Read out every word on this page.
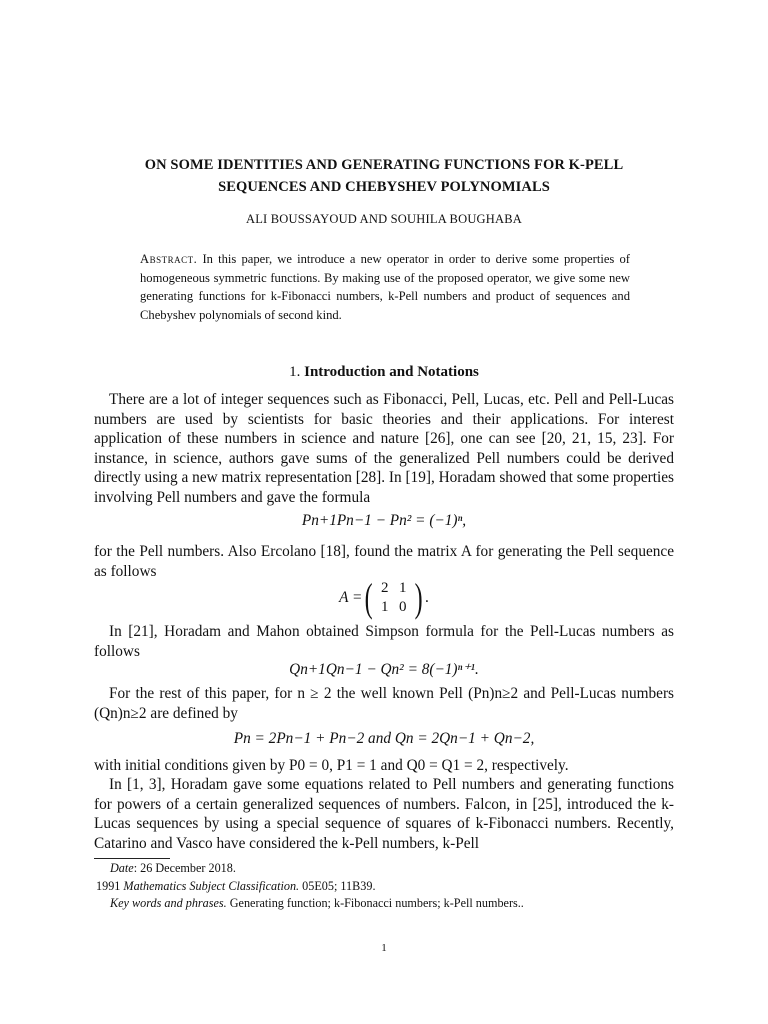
ON SOME IDENTITIES AND GENERATING FUNCTIONS FOR K-PELL
SEQUENCES AND CHEBYSHEV POLYNOMIALS
ALI BOUSSAYOUD AND SOUHILA BOUGHABA
Abstract. In this paper, we introduce a new operator in order to derive some properties of homogeneous symmetric functions. By making use of the proposed operator, we give some new generating functions for k-Fibonacci numbers, k-Pell numbers and product of sequences and Chebyshev polynomials of second kind.
1. Introduction and Notations
There are a lot of integer sequences such as Fibonacci, Pell, Lucas, etc. Pell and Pell-Lucas numbers are used by scientists for basic theories and their applications. For interest application of these numbers in science and nature [26], one can see [20, 21, 15, 23]. For instance, in science, authors gave sums of the generalized Pell numbers could be derived directly using a new matrix representation [28]. In [19], Horadam showed that some properties involving Pell numbers and gave the formula
Pn+1Pn−1 − Pn² = (−1)ⁿ,
for the Pell numbers. Also Ercolano [18], found the matrix A for generating the Pell sequence as follows
A = ( 2 1
1 0 ) .
In [21], Horadam and Mahon obtained Simpson formula for the Pell-Lucas numbers as follows
Qn+1Qn−1 − Qn² = 8(−1)ⁿ⁺¹.
For the rest of this paper, for n ≥ 2 the well known Pell (Pn)n≥2 and Pell-Lucas numbers (Qn)n≥2 are defined by
Pn = 2Pn−1 + Pn−2 and Qn = 2Qn−1 + Qn−2,
with initial conditions given by P0 = 0, P1 = 1 and Q0 = Q1 = 2, respectively.
In [1, 3], Horadam gave some equations related to Pell numbers and generating functions for powers of a certain generalized sequences of numbers. Falcon, in [25], introduced the k-Lucas sequences by using a special sequence of squares of k-Fibonacci numbers. Recently, Catarino and Vasco have considered the k-Pell numbers, k-Pell
Date: 26 December 2018.
1991 Mathematics Subject Classification. 05E05; 11B39.
Key words and phrases. Generating function; k-Fibonacci numbers; k-Pell numbers..
1
